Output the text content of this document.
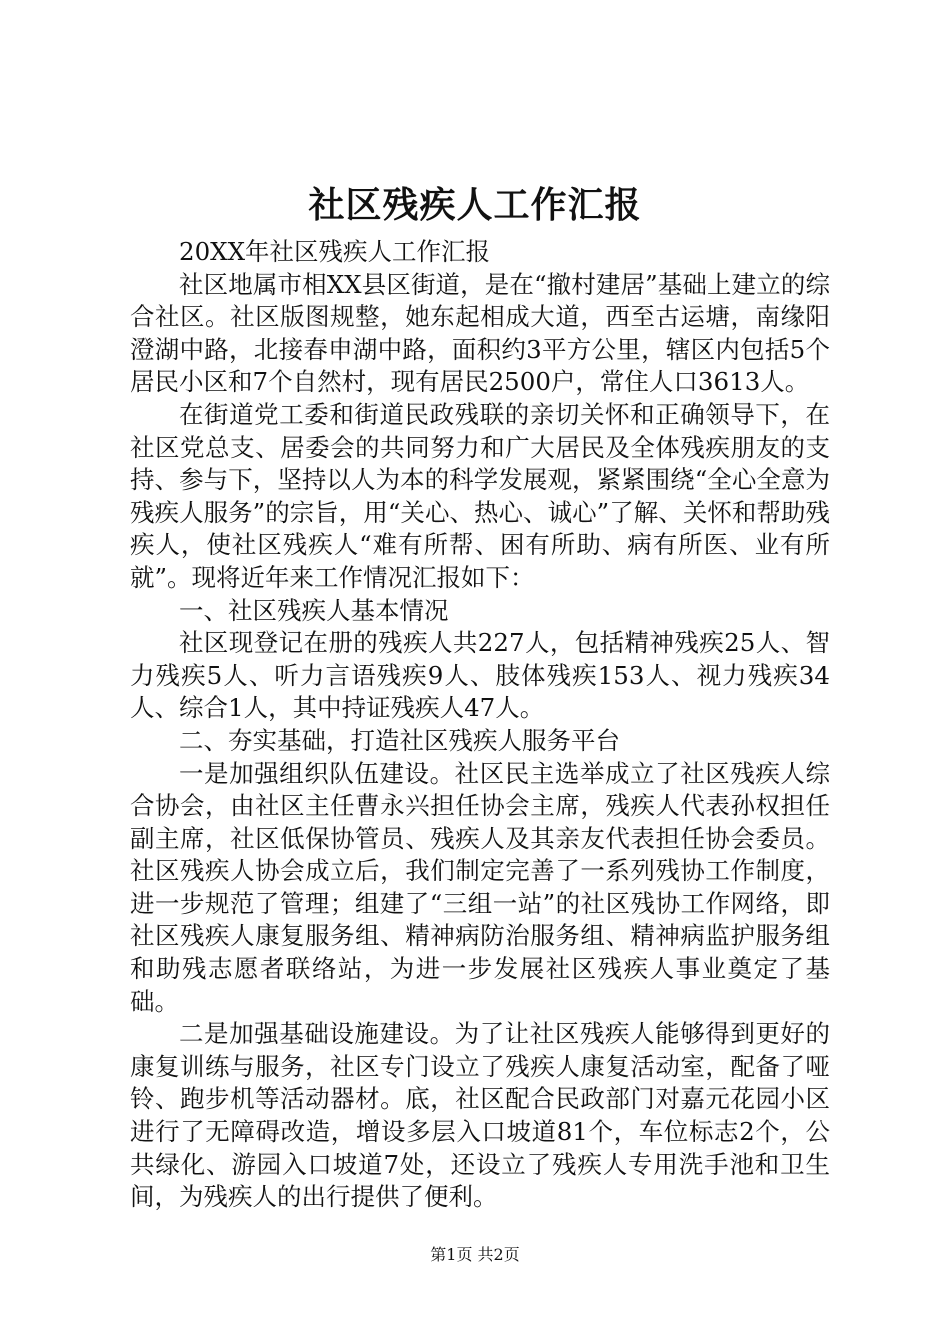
社区残疾人工作汇报

20XX年社区残疾人工作汇报

社区地属市相XX县区街道，是在“撤村建居”基础上建立的综合社区。社区版图规整，她东起相成大道，西至古运塘，南缘阳澄湖中路，北接春申湖中路，面积约3平方公里，辖区内包括5个居民小区和7个自然村，现有居民2500户，常住人口3613人。

在街道党工委和街道民政残联的亲切关怀和正确领导下，在社区党总支、居委会的共同努力和广大居民及全体残疾朋友的支持、参与下，坚持以人为本的科学发展观，紧紧围绕“全心全意为残疾人服务”的宗旨，用“关心、热心、诚心”了解、关怀和帮助残疾人，使社区残疾人“难有所帮、困有所助、病有所医、业有所就”。现将近年来工作情况汇报如下：

一、社区残疾人基本情况

社区现登记在册的残疾人共227人，包括精神残疾25人、智力残疾5人、听力言语残疾9人、肢体残疾153人、视力残疾34人、综合1人，其中持证残疾人47人。

二、夯实基础，打造社区残疾人服务平台

一是加强组织队伍建设。社区民主选举成立了社区残疾人综合协会，由社区主任曹永兴担任协会主席，残疾人代表孙权担任副主席，社区低保协管员、残疾人及其亲友代表担任协会委员。社区残疾人协会成立后，我们制定完善了一系列残协工作制度，进一步规范了管理；组建了“三组一站”的社区残协工作网络，即社区残疾人康复服务组、精神病防治服务组、精神病监护服务组和助残志愿者联络站，为进一步发展社区残疾人事业奠定了基础。

二是加强基础设施建设。为了让社区残疾人能够得到更好的康复训练与服务，社区专门设立了残疾人康复活动室，配备了哑铃、跑步机等活动器材。底，社区配合民政部门对嘉元花园小区进行了无障碍改造，增设多层入口坡道81个，车位标志2个，公共绿化、游园入口坡道7处，还设立了残疾人专用洗手池和卫生间，为残疾人的出行提供了便利。

第1页 共2页
